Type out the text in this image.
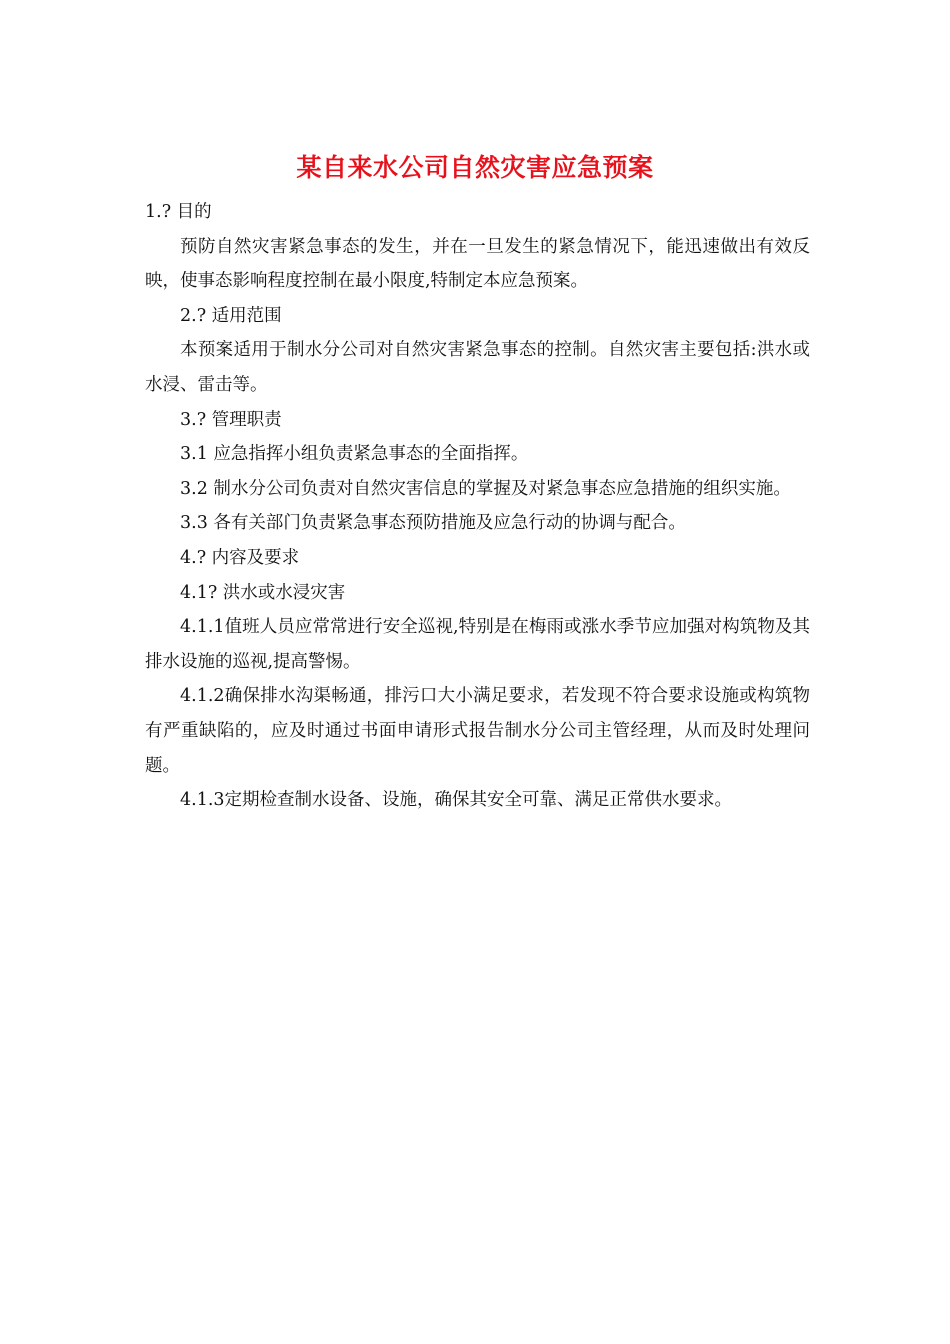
某自来水公司自然灾害应急预案

1.? 目的

预防自然灾害紧急事态的发生，并在一旦发生的紧急情况下，能迅速做出有效反映，使事态影响程度控制在最小限度,特制定本应急预案。

2.? 适用范围

本预案适用于制水分公司对自然灾害紧急事态的控制。自然灾害主要包括:洪水或水浸、雷击等。

3.? 管理职责

3.1 应急指挥小组负责紧急事态的全面指挥。

3.2 制水分公司负责对自然灾害信息的掌握及对紧急事态应急措施的组织实施。

3.3 各有关部门负责紧急事态预防措施及应急行动的协调与配合。

4.? 内容及要求

4.1? 洪水或水浸灾害

4.1.1值班人员应常常进行安全巡视,特别是在梅雨或涨水季节应加强对构筑物及其排水设施的巡视,提高警惕。

4.1.2确保排水沟渠畅通，排污口大小满足要求，若发现不符合要求设施或构筑物有严重缺陷的，应及时通过书面申请形式报告制水分公司主管经理，从而及时处理问题。

4.1.3定期检查制水设备、设施，确保其安全可靠、满足正常供水要求。
